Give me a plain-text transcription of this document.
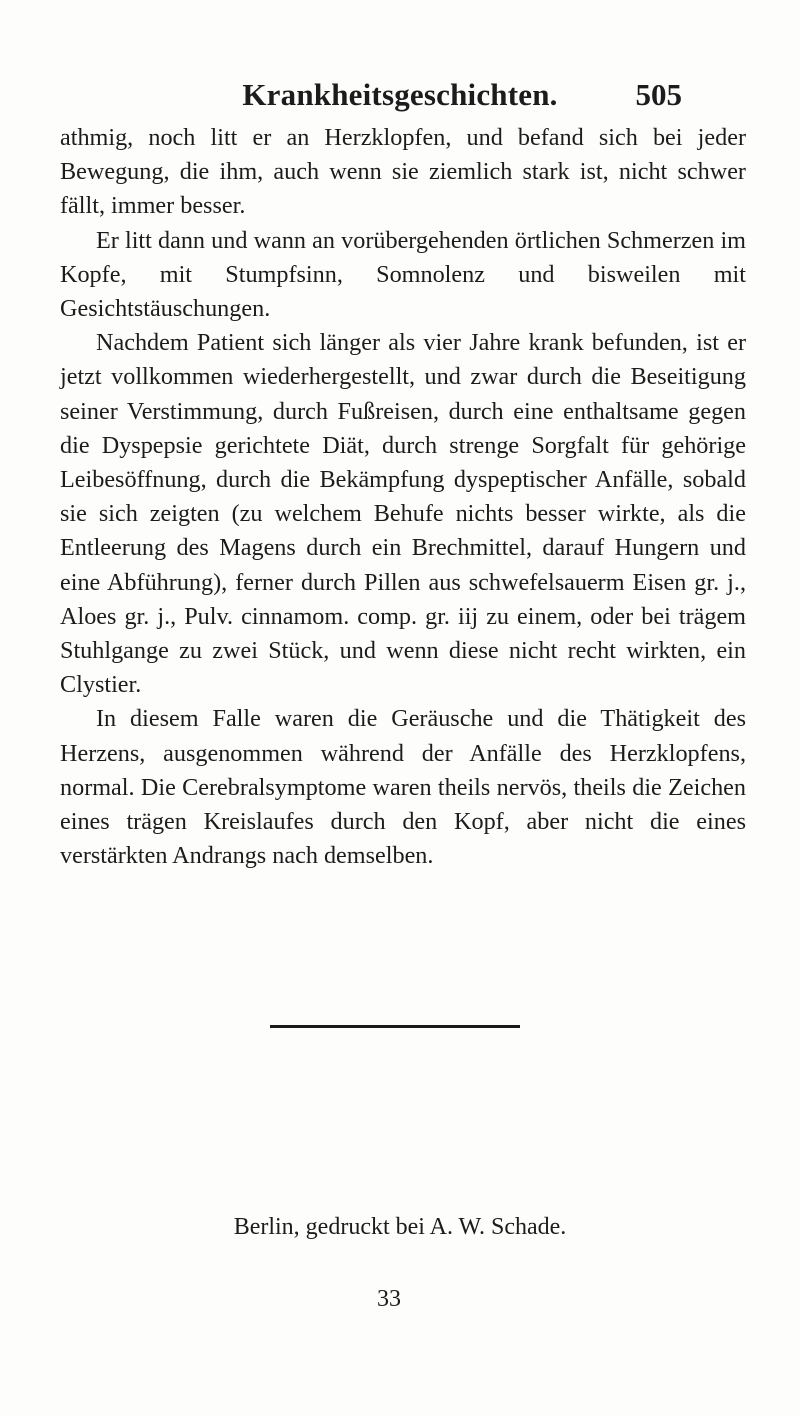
Krankheitsgeschichten.	505

athmig, noch litt er an Herzklopfen, und befand sich bei jeder Bewegung, die ihm, auch wenn sie ziemlich stark ist, nicht schwer fällt, immer besser.

Er litt dann und wann an vorübergehenden örtlichen Schmerzen im Kopfe, mit Stumpfsinn, Somnolenz und bisweilen mit Gesichtstäuschungen.

Nachdem Patient sich länger als vier Jahre krank befunden, ist er jetzt vollkommen wiederhergestellt, und zwar durch die Beseitigung seiner Verstimmung, durch Fußreisen, durch eine enthaltsame gegen die Dyspepsie gerichtete Diät, durch strenge Sorgfalt für gehörige Leibesöffnung, durch die Bekämpfung dyspeptischer Anfälle, sobald sie sich zeigten (zu welchem Behufe nichts besser wirkte, als die Entleerung des Magens durch ein Brechmittel, darauf Hungern und eine Abführung), ferner durch Pillen aus schwefelsauerm Eisen gr. j., Aloes gr. j., Pulv. cinnamom. comp. gr. iij zu einem, oder bei trägem Stuhlgange zu zwei Stück, und wenn diese nicht recht wirkten, ein Clystier.

In diesem Falle waren die Geräusche und die Thätigkeit des Herzens, ausgenommen während der Anfälle des Herzklopfens, normal. Die Cerebralsymptome waren theils nervös, theils die Zeichen eines trägen Kreislaufes durch den Kopf, aber nicht die eines verstärkten Andrangs nach demselben.

Berlin, gedruckt bei A. W. Schade.
33
